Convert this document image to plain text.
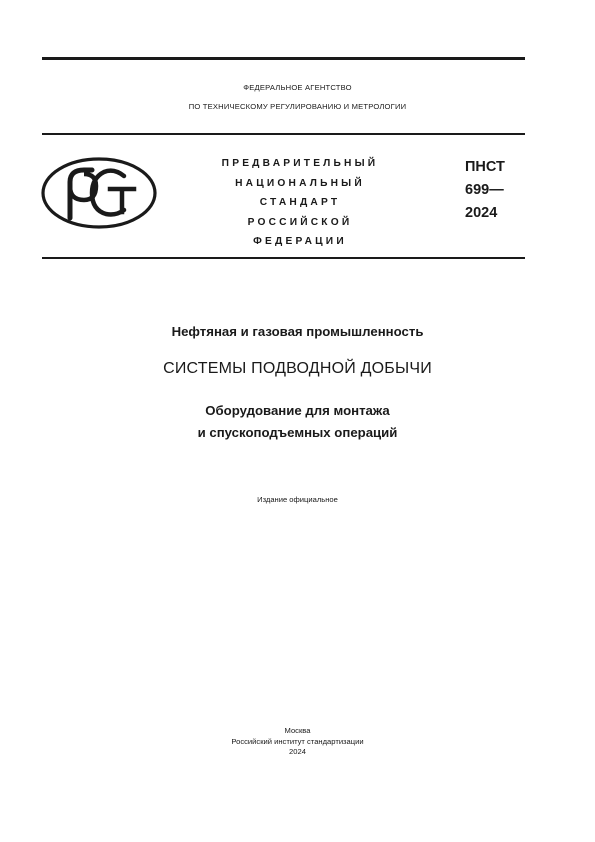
ФЕДЕРАЛЬНОЕ АГЕНТСТВО
ПО ТЕХНИЧЕСКОМУ РЕГУЛИРОВАНИЮ И МЕТРОЛОГИИ
ПРЕДВАРИТЕЛЬНЫЙ
НАЦИОНАЛЬНЫЙ
СТАНДАРТ
РОССИЙСКОЙ
ФЕДЕРАЦИИ
ПНСТ
699—
2024
Нефтяная и газовая промышленность
СИСТЕМЫ ПОДВОДНОЙ ДОБЫЧИ
Оборудование для монтажа
и спускоподъемных операций
Издание официальное
Москва
Российский институт стандартизации
2024
